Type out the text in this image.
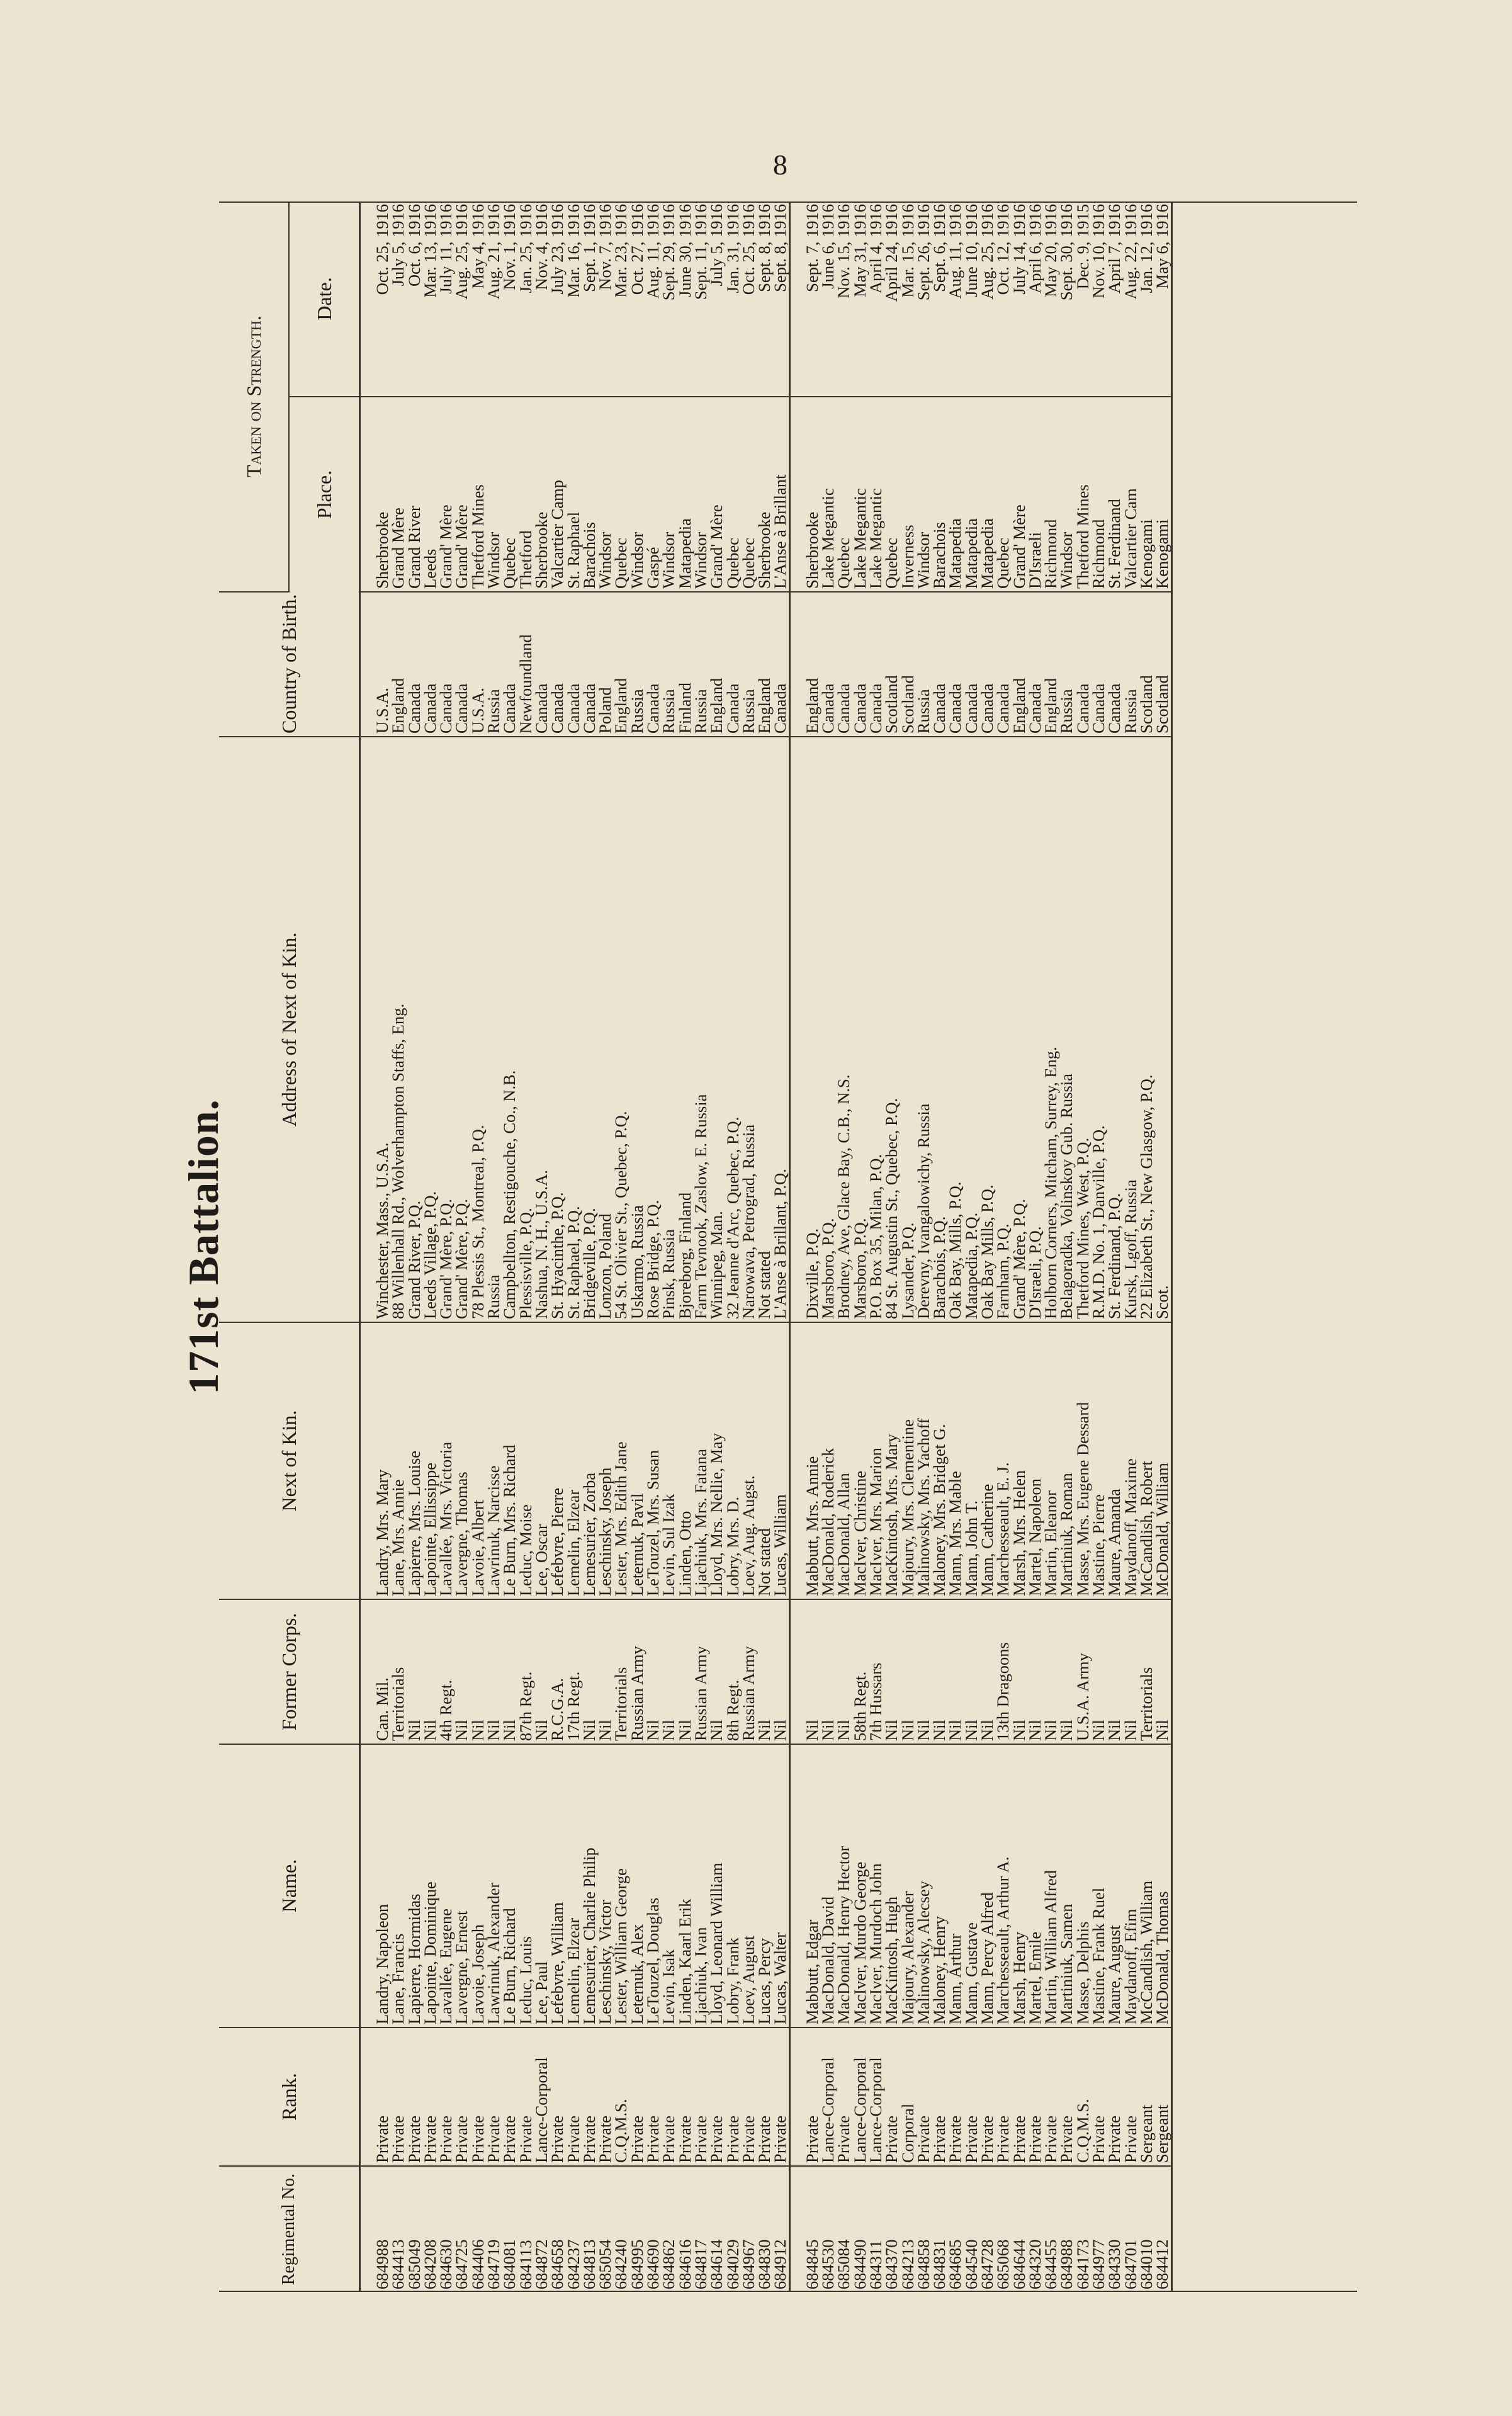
8
171st Battalion.
Regimental No.	Rank.	Name.	Former Corps.	Next of Kin.	Address of Next of Kin.	Country of Birth.	Taken on Strength.	
							Place.	Date.

684988	Private	Landry, Napoleon	Can. Mil.	Landry, Mrs. Mary	Winchester, Mass., U.S.A.	U.S.A.	Sherbrooke	Oct. 25, 1916
684413	Private	Lane, Francis	Territorials	Lane, Mrs. Annie	88 Willenhall Rd., Wolverhampton Staffs, Eng.	England	Grand Mère	July 5, 1916
685049	Private	Lapierre, Hormidas	Nil	Lapierre, Mrs. Louise	Grand River, P.Q.	Canada	Grand River	Oct. 6, 1916
684208	Private	Lapointe, Dominique	Nil	Lapointe, Ellissippe	Leeds Village, P.Q.	Canada	Leeds	Mar. 13, 1916
684630	Private	Lavallée, Eugene	4th Regt.	Lavallée, Mrs. Victoria	Grand' Mère, P.Q.	Canada	Grand' Mère	July 11, 1916
684725	Private	Lavergne, Ernest	Nil	Lavergne, Thomas	Grand' Mère, P.Q.	Canada	Grand' Mère	Aug. 25, 1916
684406	Private	Lavoie, Joseph	Nil	Lavoie, Albert	78 Plessis St., Montreal, P.Q.	U.S.A.	Thetford Mines	May 4, 1916
684719	Private	Lawrinuk, Alexander	Nil	Lawrinuk, Narcisse	Russia	Russia	Windsor	Aug. 21, 1916
684081	Private	Le Burn, Richard	Nil	Le Burn, Mrs. Richard	Campbellton, Restigouche, Co., N.B.	Canada	Quebec	Nov. 1, 1916
684113	Private	Leduc, Louis	87th Regt.	Leduc, Moise	Plessisville, P.Q.	Newfoundland	Thetford	Jan. 25, 1916
684872	Lance-Corporal	Lee, Paul	Nil	Lee, Oscar	Nashua, N. H., U.S.A.	Canada	Sherbrooke	Nov. 4, 1916
684658	Private	Lefebvre, William	R.C.G.A.	Lefebvre, Pierre	St. Hyacinthe, P.Q.	Canada	Valcartier Camp	July 23, 1916
684237	Private	Lemelin, Elzear	17th Regt.	Lemelin, Elzear	St. Raphael, P.Q.	Canada	St. Raphael	Mar. 16, 1916
684813	Private	Lemesurier, Charlie Philip	Nil	Lemesurier, Zorba	Bridgeville, P.Q.	Canada	Barachois	Sept. 1, 1916
685054	Private	Leschinsky, Victor	Nil	Leschinsky, Joseph	Lonzon, Poland	Poland	Windsor	Nov. 7, 1916
684240	C.Q.M.S.	Lester, William George	Territorials	Lester, Mrs. Edith Jane	54 St. Olivier St., Quebec, P.Q.	England	Quebec	Mar. 23, 1916
684995	Private	Leternuk, Alex	Russian Army	Leternuk, Pavil	Uskarmo, Russia	Russia	Windsor	Oct. 27, 1916
684690	Private	LeTouzel, Douglas	Nil	LeTouzel, Mrs. Susan	Rose Bridge, P.Q.	Canada	Gaspé	Aug. 11, 1916
684862	Private	Levin, Isak	Nil	Levin, Sul Izak	Pinsk, Russia	Russia	Windsor	Sept. 29, 1916
684616	Private	Linden, Kaarl Erik	Nil	Linden, Otto	Bjoreborg, Finland	Finland	Matapedia	June 30, 1916
684817	Private	Ljachiuk, Ivan	Russian Army	Ljachiuk, Mrs. Fatana	Farm Tevnook, Zaslow, E. Russia	Russia	Windsor	Sept. 11, 1916
684614	Private	Lloyd, Leonard William	Nil	Lloyd, Mrs. Nellie, May	Winnipeg, Man.	England	Grand' Mère	July 5, 1916
684029	Private	Lobry, Frank	8th Regt.	Lobry, Mrs. D.	32 Jeanne d'Arc, Quebec, P.Q.	Canada	Quebec	Jan. 31, 1916
684967	Private	Loev, August	Russian Army	Loev, Aug. Augst.	Narowava, Petrograd, Russia	Russia	Quebec	Oct. 25, 1916
684830	Private	Lucas, Percy	Nil	Not stated	Not stated	England	Sherbrooke	Sept. 8, 1916
684912	Private	Lucas, Walter	Nil	Lucas, William	L'Anse à Brillant, P.Q.	Canada	L'Anse à Brillant	Sept. 8, 1916

684845	Private	Mabbutt, Edgar	Nil	Mabbutt, Mrs. Annie	Dixville, P.Q.	England	Sherbrooke	Sept. 7, 1916
684530	Lance-Corporal	MacDonald, David	Nil	MacDonald, Roderick	Marsboro, P.Q.	Canada	Lake Megantic	June 6, 1916
685084	Private	MacDonald, Henry Hector	Nil	MacDonald, Allan	Brodney, Ave, Glace Bay, C.B., N.S.	Canada	Quebec	Nov. 15, 1916
684490	Lance-Corporal	MacIver, Murdo George	58th Regt.	MacIver, Christine	Marsboro, P.Q.	Canada	Lake Megantic	May 31, 1916
684311	Lance-Corporal	MacIver, Murdoch John	7th Hussars	MacIver, Mrs. Marion	P.O. Box 35, Milan, P.Q.	Canada	Lake Megantic	April 4, 1916
684370	Private	MacKintosh, Hugh	Nil	MacKintosh, Mrs. Mary	84 St. Augustin St., Quebec, P.Q.	Scotland	Quebec	April 24, 1916
684213	Corporal	Majoury, Alexander	Nil	Majoury, Mrs. Clementine	Lysander, P.Q.	Scotland	Inverness	Mar. 15, 1916
684858	Private	Malinowsky, Alecsey	Nil	Malinowsky, Mrs. Yachoff	Derevny, Ivangalowichy, Russia	Russia	Windsor	Sept. 26, 1916
684831	Private	Maloney, Henry	Nil	Maloney, Mrs. Bridget G.	Barachois, P.Q.	Canada	Barachois	Sept. 6, 1916
684685	Private	Mann, Arthur	Nil	Mann, Mrs. Mable	Oak Bay, Mills, P.Q.	Canada	Matapedia	Aug. 11, 1916
684540	Private	Mann, Gustave	Nil	Mann, John T.	Matapedia, P.Q.	Canada	Matapedia	June 10, 1916
684728	Private	Mann, Percy Alfred	Nil	Mann, Catherine	Oak Bay Mills, P.Q.	Canada	Matapedia	Aug. 25, 1916
685068	Private	Marchesseault, Arthur A.	13th Dragoons	Marchesseault, E. J.	Farnham, P.Q.	Canada	Quebec	Oct. 12, 1916
684644	Private	Marsh, Henry	Nil	Marsh, Mrs. Helen	Grand' Mère, P.Q.	England	Grand' Mère	July 14, 1916
684320	Private	Martel, Emile	Nil	Martel, Napoleon	D'Israeli, P.Q.	Canada	D'Israeli	April 6, 1916
684455	Private	Martin, William Alfred	Nil	Martin, Eleanor	Holborn Corners, Mitcham, Surrey, Eng.	England	Richmond	May 20, 1916
684988	Private	Martiniuk, Samen	Nil	Martiniuk, Roman	Belagoradka, Volinskoy Gub. Russia	Russia	Windsor	Sept. 30, 1916
684173	C.Q.M.S.	Masse, Delphis	U.S.A. Army	Masse, Mrs. Eugene Dessard	Thetford Mines, West, P.Q.	Canada	Thetford Mines	Dec. 9, 1915
684977	Private	Mastine, Frank Ruel	Nil	Mastine, Pierre	R.M.D. No. 1, Danville, P.Q.	Canada	Richmond	Nov. 10, 1916
684330	Private	Maure, August	Nil	Maure, Amanda	St. Ferdinand, P.Q.	Canada	St. Ferdinand	April 7, 1916
684701	Private	Maydanoff, Efim	Nil	Maydanoff, Maxime	Kursk, Lgoff, Russia	Russia	Valcartier Cam	Aug. 22, 1916
684010	Sergeant	McCandlish, William	Territorials	McCandlish, Robert	22 Elizabeth St., New Glasgow, P.Q.	Scotland	Kenogami	Jan. 12, 1916
684412	Sergeant	McDonald, Thomas	Nil	McDonald, William	Scot.	Scotland	Kenogami	May 6, 1916
